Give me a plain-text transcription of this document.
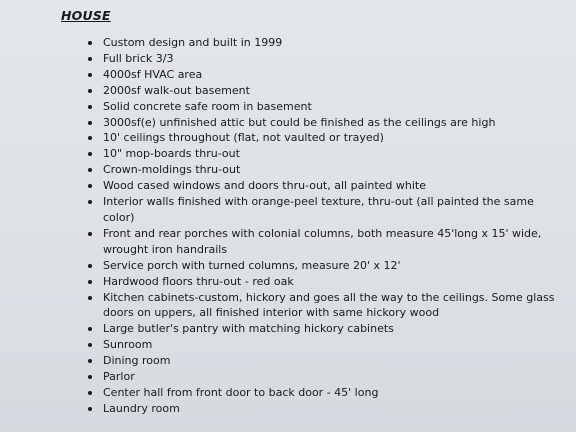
HOUSE
Custom design and built in 1999
Full brick 3/3
4000sf HVAC area
2000sf walk-out basement
Solid concrete safe room in basement
3000sf(e) unfinished attic but could be finished as the ceilings are high
10' ceilings throughout (flat, not vaulted or trayed)
10" mop-boards thru-out
Crown-moldings thru-out
Wood cased windows and doors thru-out, all painted white
Interior walls finished with orange-peel texture, thru-out (all painted the same color)
Front and rear porches with colonial columns, both measure 45'long x 15' wide, wrought iron handrails
Service porch with turned columns, measure 20' x 12'
Hardwood floors thru-out - red oak
Kitchen cabinets-custom, hickory and goes all the way to the ceilings. Some glass doors on uppers, all finished interior with same hickory wood
Large butler's pantry with matching hickory cabinets
Sunroom
Dining room
Parlor
Center hall from front door to back door - 45' long
Laundry room
